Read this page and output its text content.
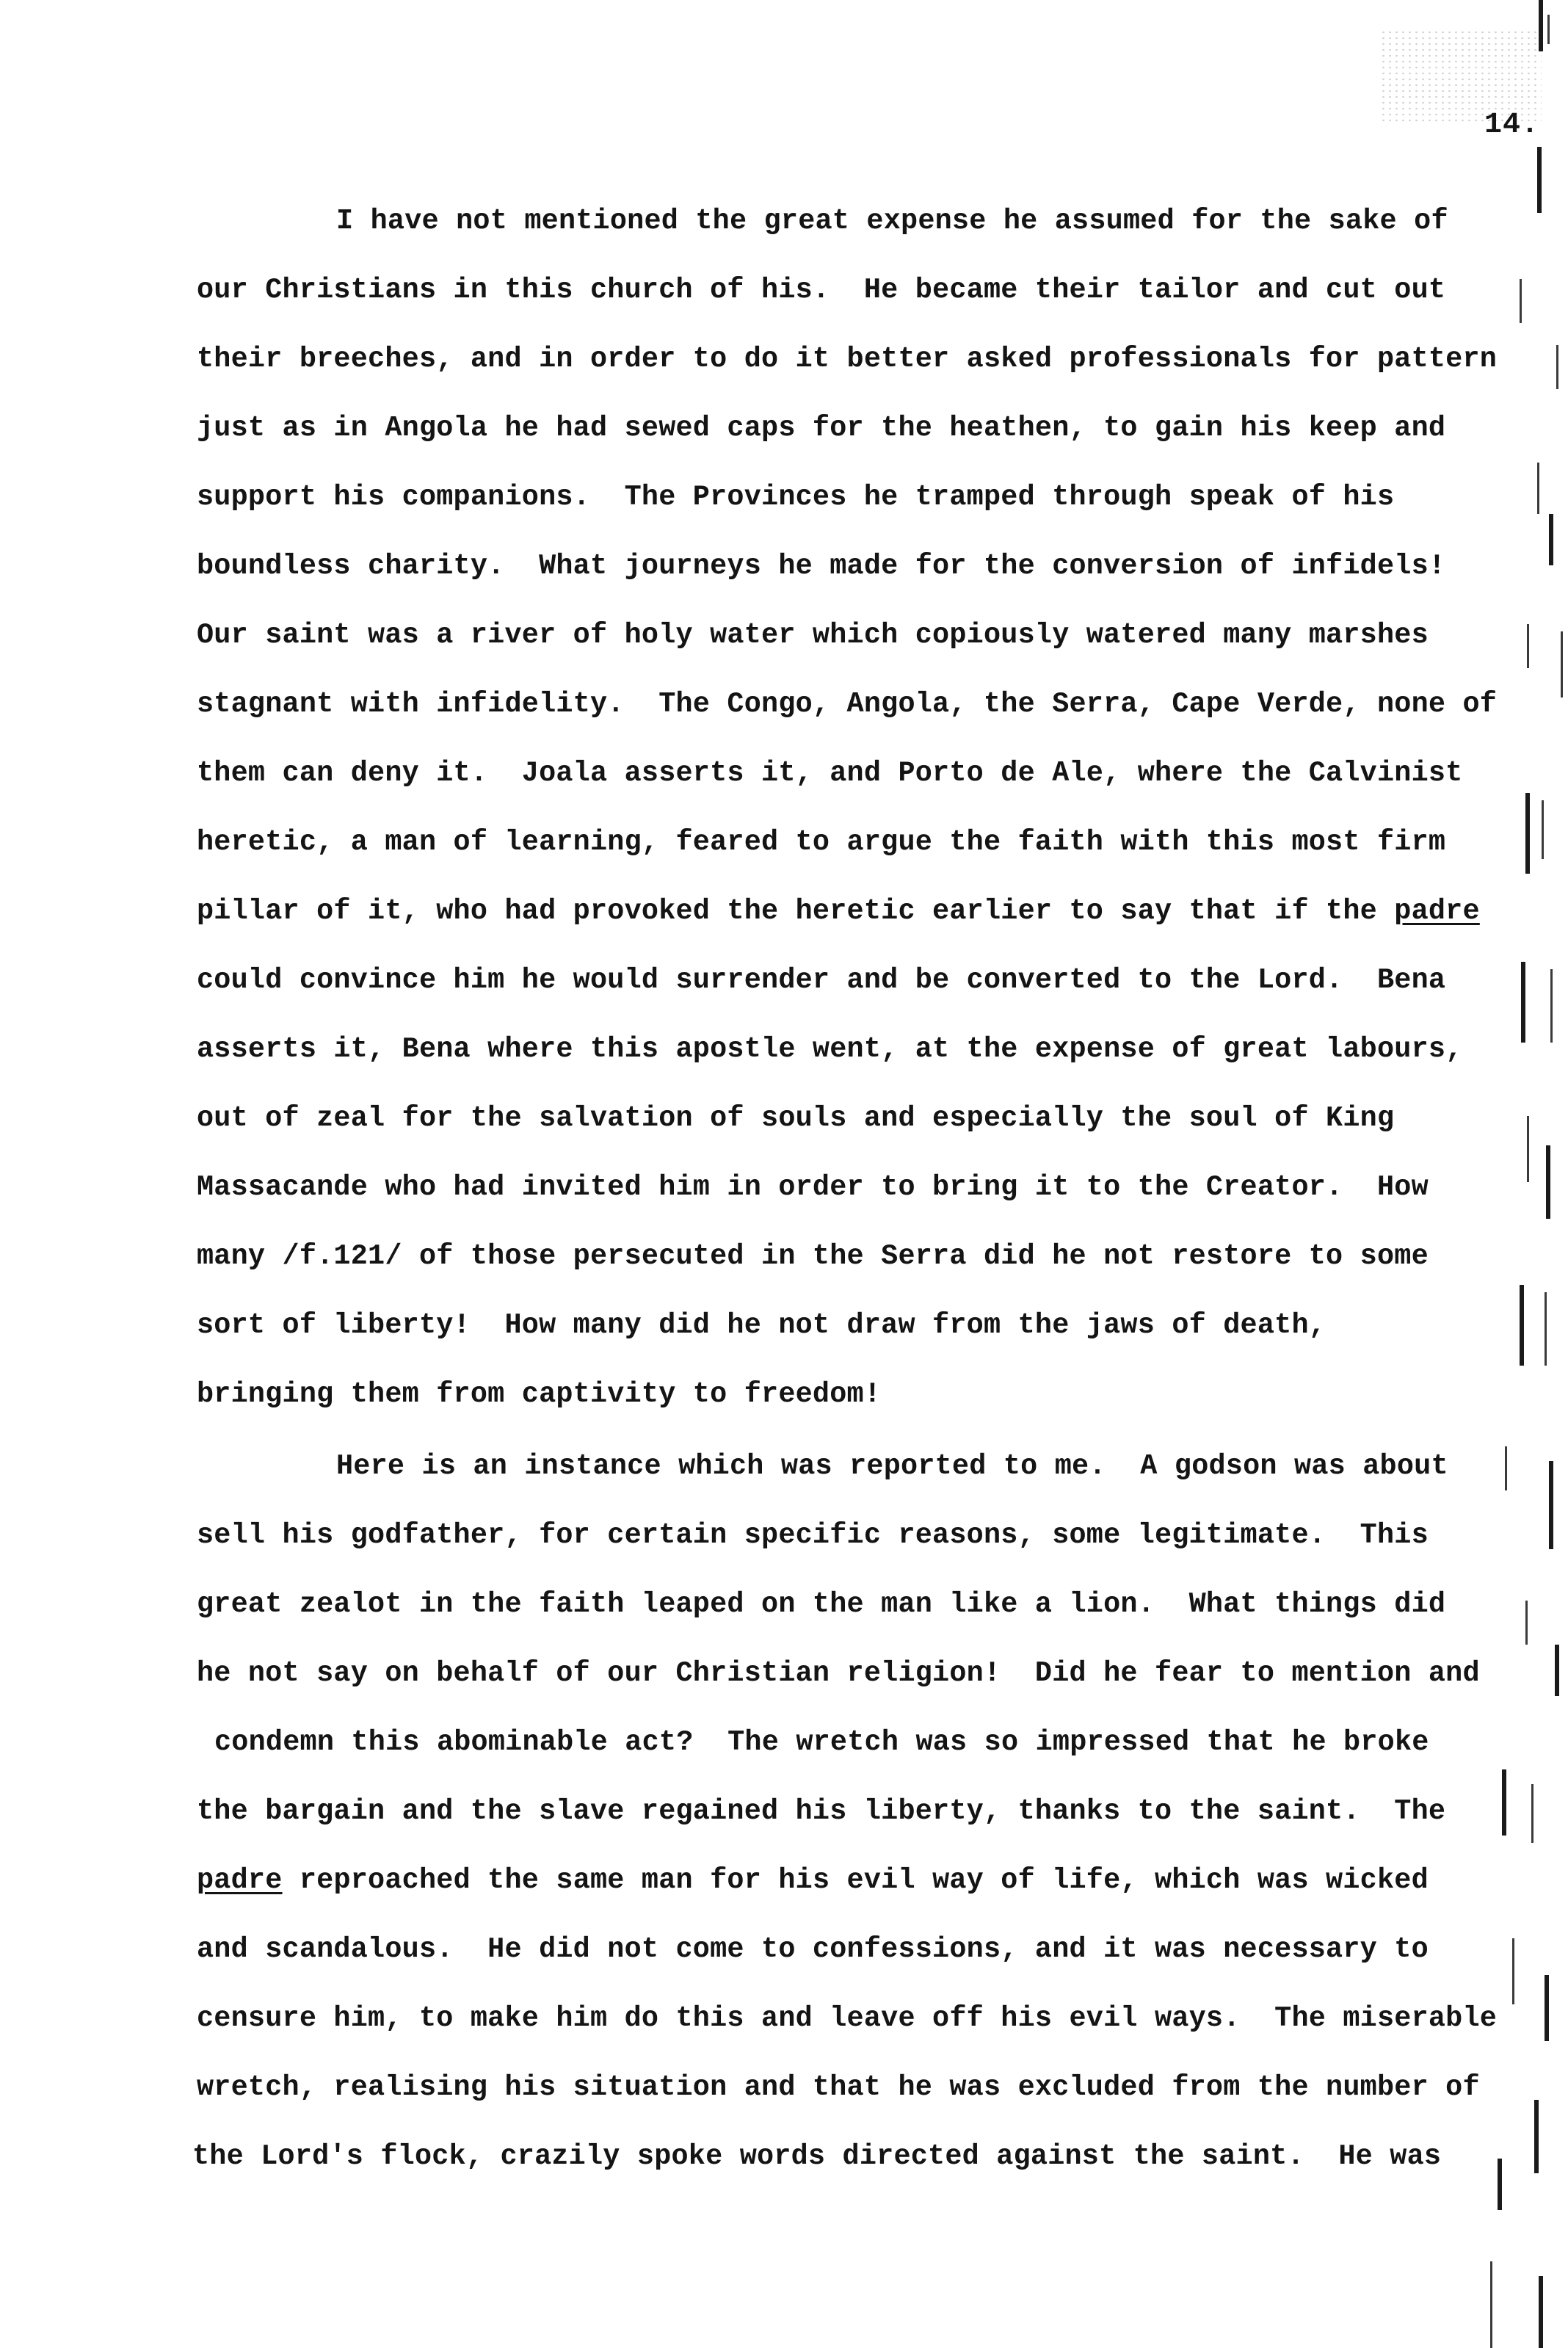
14.

I have not mentioned the great expense he assumed for the sake of

our Christians in this church of his.  He became their tailor and cut out

their breeches, and in order to do it better asked professionals for pattern

just as in Angola he had sewed caps for the heathen, to gain his keep and

support his companions.  The Provinces he tramped through speak of his

boundless charity.  What journeys he made for the conversion of infidels!

Our saint was a river of holy water which copiously watered many marshes

stagnant with infidelity.  The Congo, Angola, the Serra, Cape Verde, none of

them can deny it.  Joala asserts it, and Porto de Ale, where the Calvinist

heretic, a man of learning, feared to argue the faith with this most firm

pillar of it, who had provoked the heretic earlier to say that if the padre

could convince him he would surrender and be converted to the Lord.  Bena

asserts it, Bena where this apostle went, at the expense of great labours,

out of zeal for the salvation of souls and especially the soul of King

Massacande who had invited him in order to bring it to the Creator.  How

many /f.121/ of those persecuted in the Serra did he not restore to some

sort of liberty!  How many did he not draw from the jaws of death,

bringing them from captivity to freedom!

Here is an instance which was reported to me.  A godson was about

sell his godfather, for certain specific reasons, some legitimate.  This

great zealot in the faith leaped on the man like a lion.  What things did

he not say on behalf of our Christian religion!  Did he fear to mention and

condemn this abominable act?  The wretch was so impressed that he broke

the bargain and the slave regained his liberty, thanks to the saint.  The

padre reproached the same man for his evil way of life, which was wicked

and scandalous.  He did not come to confessions, and it was necessary to

censure him, to make him do this and leave off his evil ways.  The miserable

wretch, realising his situation and that he was excluded from the number of

the Lord's flock, crazily spoke words directed against the saint.  He was
